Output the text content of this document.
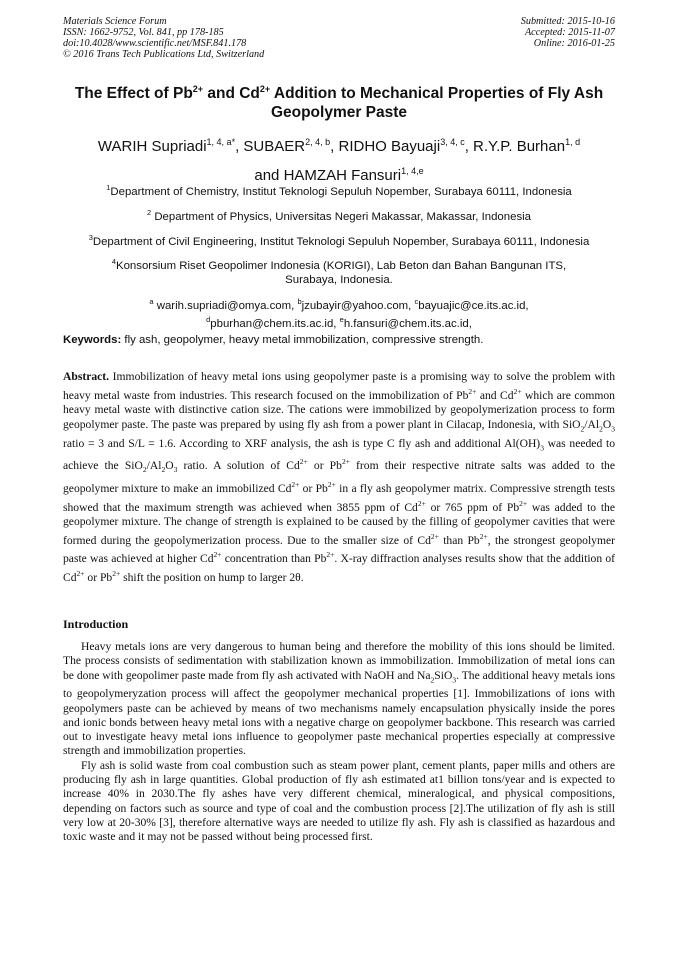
Materials Science Forum
ISSN: 1662-9752, Vol. 841, pp 178-185
doi:10.4028/www.scientific.net/MSF.841.178
© 2016 Trans Tech Publications Ltd, Switzerland
Submitted: 2015-10-16
Accepted: 2015-11-07
Online: 2016-01-25
The Effect of $Pb^{2+}$ and $Cd^{2+}$ Addition to Mechanical Properties of Fly Ash
Geopolymer Paste
WARIH Supriadi$^{1, 4, a*}$, SUBAER$^{2, 4, b}$, RIDHO Bayuaji$^{3, 4, c}$, R.Y.P. Burhan$^{1, d}$
and HAMZAH Fansuri$^{1, 4,e}$

$^1$Department of Chemistry, Institut Teknologi Sepuluh Nopember, Surabaya 60111, Indonesia

$^2$ Department of Physics, Universitas Negeri Makassar, Makassar, Indonesia

$^3$Department of Civil Engineering, Institut Teknologi Sepuluh Nopember, Surabaya 60111, Indonesia

$^4$Konsorsium Riset Geopolimer Indonesia (KORIGI), Lab Beton dan Bahan Bangunan ITS,
Surabaya, Indonesia.

$^a$ warih.supriadi@omya.com, $^b$jzubayir@yahoo.com, $^c$bayuajic@ce.its.ac.id,

$^d$pburhan@chem.its.ac.id, $^e$h.fansuri@chem.its.ac.id,

Keywords: fly ash, geopolymer, heavy metal immobilization, compressive strength.

Abstract. Immobilization of heavy metal ions using geopolymer paste is a promising way to solve the problem with heavy metal waste from industries. This research focused on the immobilization of $Pb^{2+}$ and $Cd^{2+}$ which are common heavy metal waste with distinctive cation size. The cations were immobilized by geopolymerization process to form geopolymer paste. The paste was prepared by using fly ash from a power plant in Cilacap, Indonesia, with $SiO_2/Al_2O_3$ ratio = 3 and S/L = 1.6. According to XRF analysis, the ash is type C fly ash and additional $Al(OH)_3$ was needed to achieve the $SiO_2/Al_2O_3$ ratio. A solution of $Cd^{2+}$ or $Pb^{2+}$ from their respective nitrate salts was added to the geopolymer mixture to make an immobilized $Cd^{2+}$ or $Pb^{2+}$ in a fly ash geopolymer matrix. Compressive strength tests showed that the maximum strength was achieved when 3855 ppm of $Cd^{2+}$ or 765 ppm of $Pb^{2+}$ was added to the geopolymer mixture. The change of strength is explained to be caused by the filling of geopolymer cavities that were formed during the geopolymerization process. Due to the smaller size of $Cd^{2+}$ than $Pb^{2+}$, the strongest geopolymer paste was achieved at higher $Cd^{2+}$ concentration than $Pb^{2+}$. X-ray diffraction analyses results show that the addition of $Cd^{2+}$ or $Pb^{2+}$ shift the position on hump to larger 2θ.

Introduction

Heavy metals ions are very dangerous to human being and therefore the mobility of this ions should be limited. The process consists of sedimentation with stabilization known as immobilization. Immobilization of metal ions can be done with geopolimer paste made from fly ash activated with NaOH and $Na_2SiO_3$. The additional heavy metals ions to geopolymeryzation process will affect the geopolymer mechanical properties [1]. Immobilizations of ions with geopolymers paste can be achieved by means of two mechanisms namely encapsulation physically inside the pores and ionic bonds between heavy metal ions with a negative charge on geopolymer backbone. This research was carried out to investigate heavy metal ions influence to geopolymer paste mechanical properties especially at compressive strength and immobilization properties.

Fly ash is solid waste from coal combustion such as steam power plant, cement plants, paper mills and others are producing fly ash in large quantities. Global production of fly ash estimated at1 billion tons/year and is expected to increase 40% in 2030.The fly ashes have very different chemical, mineralogical, and physical compositions, depending on factors such as source and type of coal and the combustion process [2].The utilization of fly ash is still very low at 20-30% [3], therefore alternative ways are needed to utilize fly ash. Fly ash is classified as hazardous and toxic waste and it may not be passed without being processed first.
